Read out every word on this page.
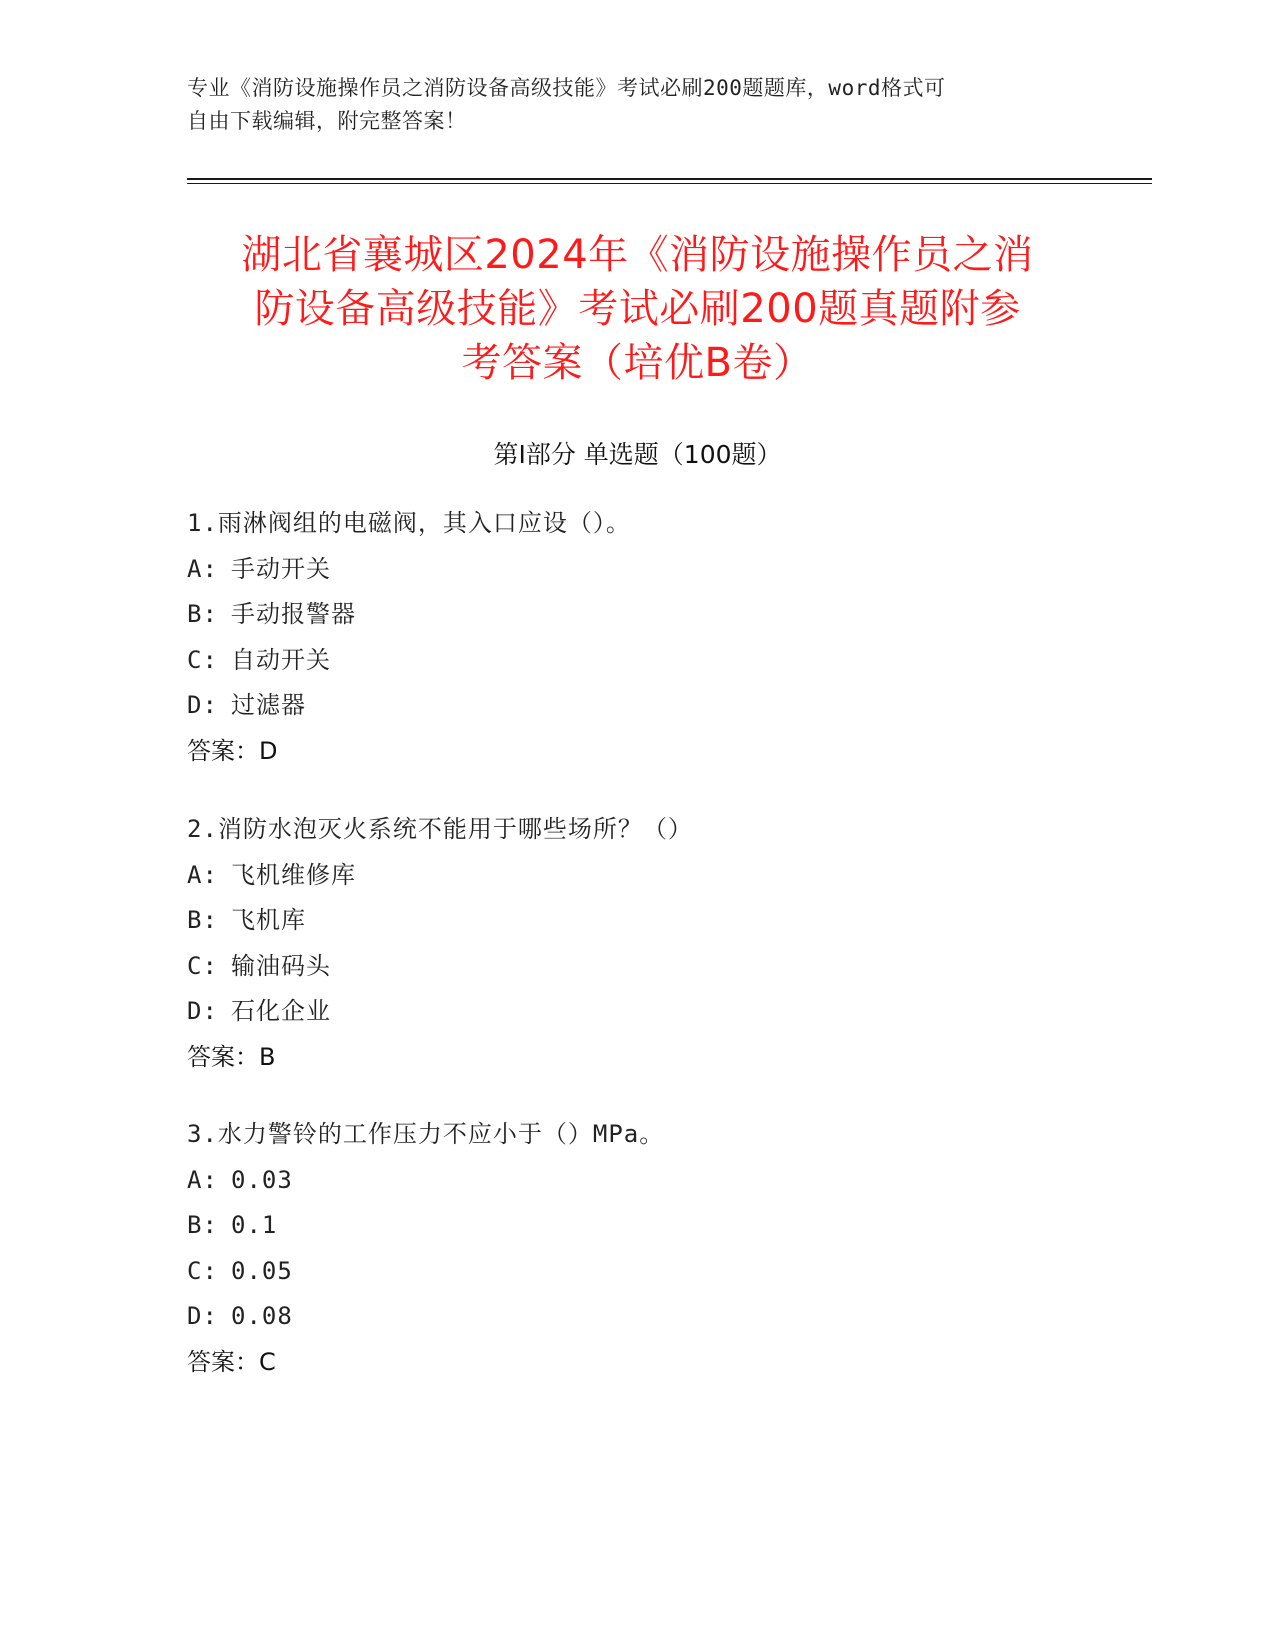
专业《消防设施操作员之消防设备高级技能》考试必刷200题题库，word格式可
自由下载编辑，附完整答案！
湖北省襄城区2024年《消防设施操作员之消
防设备高级技能》考试必刷200题真题附参
考答案（培优B卷）
第Ⅰ部分 单选题（100题）
1.雨淋阀组的电磁阀，其入口应设（）。
A: 手动开关
B: 手动报警器
C: 自动开关
D: 过滤器
答案：D
2.消防水泡灭火系统不能用于哪些场所？（）
A: 飞机维修库
B: 飞机库
C: 输油码头
D: 石化企业
答案：B
3.水力警铃的工作压力不应小于（）MPa。
A: 0.03
B: 0.1
C: 0.05
D: 0.08
答案：C
